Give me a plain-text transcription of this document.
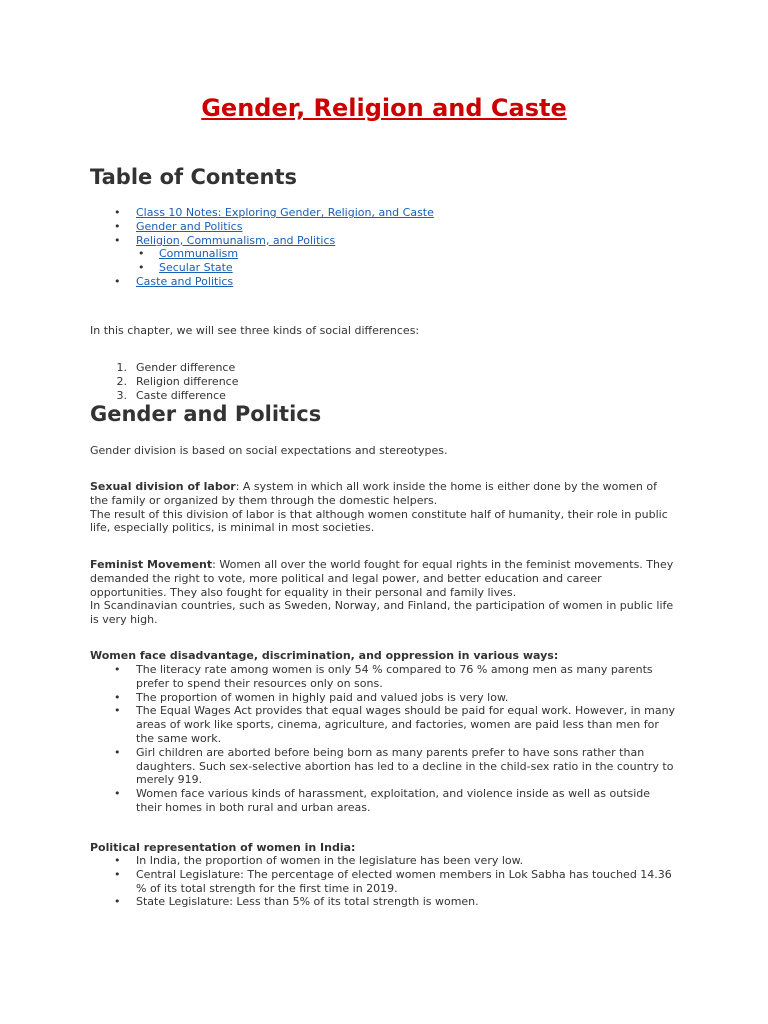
Gender, Religion and Caste
Table of Contents
• Class 10 Notes: Exploring Gender, Religion, and Caste
• Gender and Politics
• Religion, Communalism, and Politics
• Communalism
• Secular State
• Caste and Politics
In this chapter, we will see three kinds of social differences:
1. Gender difference
2. Religion difference
3. Caste difference
Gender and Politics
Gender division is based on social expectations and stereotypes.
Sexual division of labor: A system in which all work inside the home is either done by the women of the family or organized by them through the domestic helpers.
The result of this division of labor is that although women constitute half of humanity, their role in public life, especially politics, is minimal in most societies.
Feminist Movement: Women all over the world fought for equal rights in the feminist movements. They demanded the right to vote, more political and legal power, and better education and career opportunities. They also fought for equality in their personal and family lives.
In Scandinavian countries, such as Sweden, Norway, and Finland, the participation of women in public life is very high.
Women face disadvantage, discrimination, and oppression in various ways:
• The literacy rate among women is only 54 % compared to 76 % among men as many parents prefer to spend their resources only on sons.
• The proportion of women in highly paid and valued jobs is very low.
• The Equal Wages Act provides that equal wages should be paid for equal work. However, in many areas of work like sports, cinema, agriculture, and factories, women are paid less than men for the same work.
• Girl children are aborted before being born as many parents prefer to have sons rather than daughters. Such sex-selective abortion has led to a decline in the child-sex ratio in the country to merely 919.
• Women face various kinds of harassment, exploitation, and violence inside as well as outside their homes in both rural and urban areas.
Political representation of women in India:
• In India, the proportion of women in the legislature has been very low.
• Central Legislature: The percentage of elected women members in Lok Sabha has touched 14.36 % of its total strength for the first time in 2019.
• State Legislature: Less than 5% of its total strength is women.
